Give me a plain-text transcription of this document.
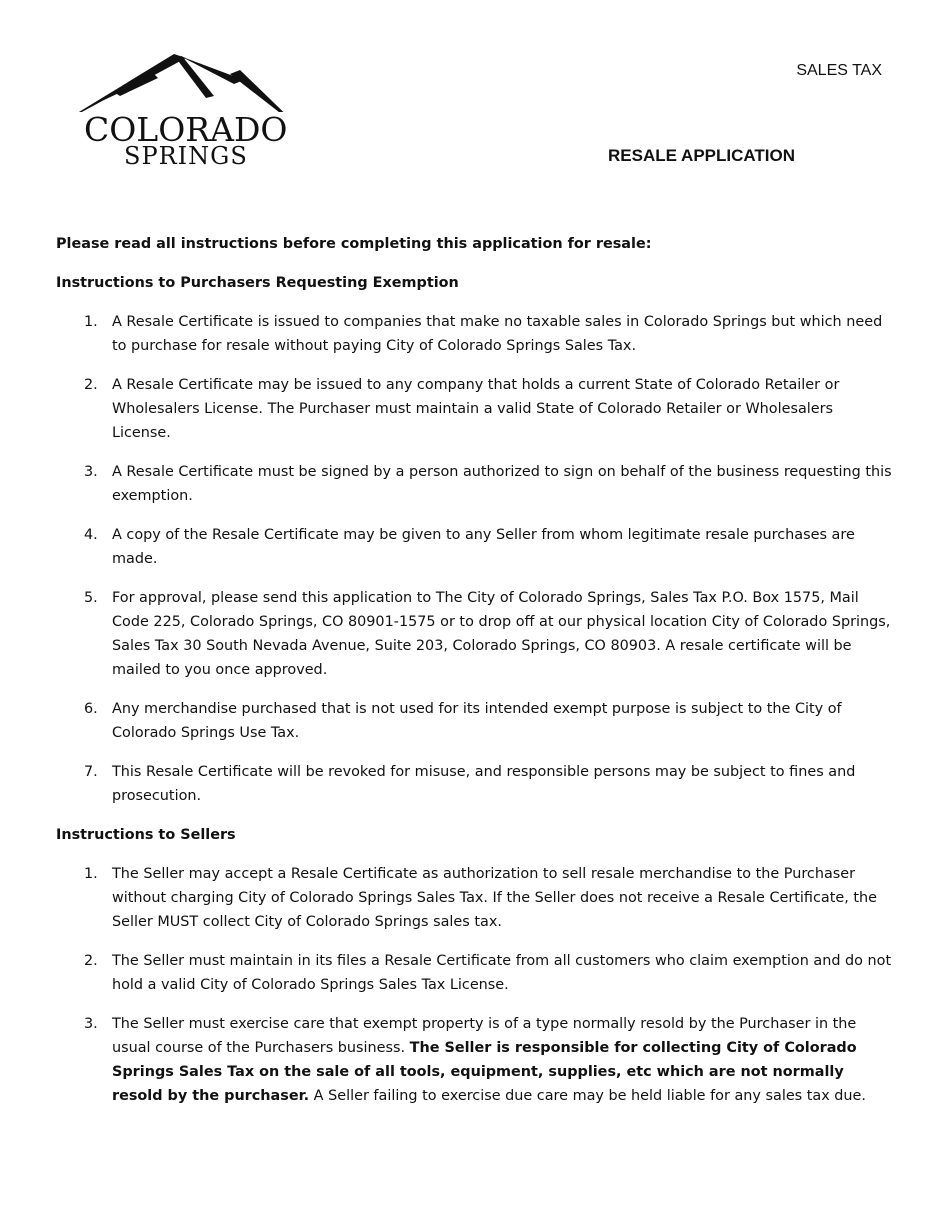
COLORADO
SPRINGS
SALES TAX
RESALE APPLICATION

Please read all instructions before completing this application for resale:

Instructions to Purchasers Requesting Exemption

1. A Resale Certificate is issued to companies that make no taxable sales in Colorado Springs but which need to purchase for resale without paying City of Colorado Springs Sales Tax.
2. A Resale Certificate may be issued to any company that holds a current State of Colorado Retailer or Wholesalers License. The Purchaser must maintain a valid State of Colorado Retailer or Wholesalers License.
3. A Resale Certificate must be signed by a person authorized to sign on behalf of the business requesting this exemption.
4. A copy of the Resale Certificate may be given to any Seller from whom legitimate resale purchases are made.
5. For approval, please send this application to The City of Colorado Springs, Sales Tax P.O. Box 1575, Mail Code 225, Colorado Springs, CO 80901-1575 or to drop off at our physical location City of Colorado Springs, Sales Tax 30 South Nevada Avenue, Suite 203, Colorado Springs, CO 80903. A resale certificate will be mailed to you once approved.
6. Any merchandise purchased that is not used for its intended exempt purpose is subject to the City of Colorado Springs Use Tax.
7. This Resale Certificate will be revoked for misuse, and responsible persons may be subject to fines and prosecution.

Instructions to Sellers

1. The Seller may accept a Resale Certificate as authorization to sell resale merchandise to the Purchaser without charging City of Colorado Springs Sales Tax. If the Seller does not receive a Resale Certificate, the Seller MUST collect City of Colorado Springs sales tax.
2. The Seller must maintain in its files a Resale Certificate from all customers who claim exemption and do not hold a valid City of Colorado Springs Sales Tax License.
3. The Seller must exercise care that exempt property is of a type normally resold by the Purchaser in the usual course of the Purchasers business. The Seller is responsible for collecting City of Colorado Springs Sales Tax on the sale of all tools, equipment, supplies, etc which are not normally resold by the purchaser. A Seller failing to exercise due care may be held liable for any sales tax due.
